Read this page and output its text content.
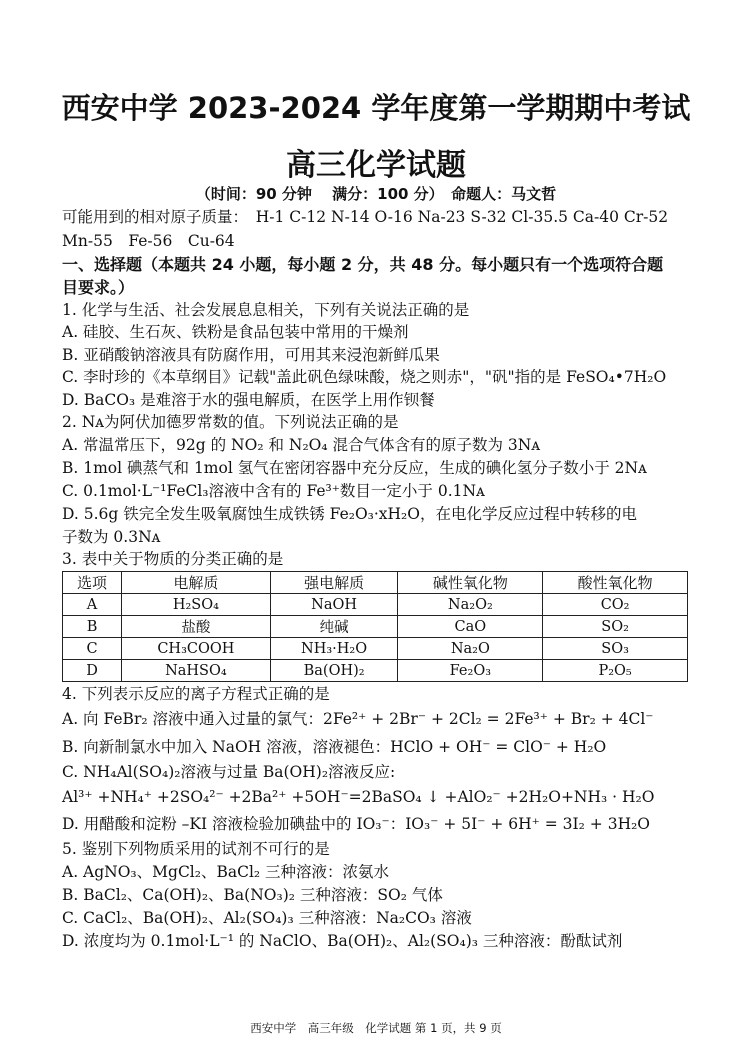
西安中学 2023-2024 学年度第一学期期中考试
高三化学试题
（时间：90 分钟　 满分：100 分）　命题人：马文哲
可能用到的相对原子质量：　H-1 C-12 N-14 O-16 Na-23 S-32 Cl-35.5 Ca-40 Cr-52
Mn-55　Fe-56　Cu-64
一、选择题（本题共 24 小题，每小题 2 分，共 48 分。每小题只有一个选项符合题
目要求。）
1. 化学与生活、社会发展息息相关，下列有关说法正确的是
A. 硅胶、生石灰、铁粉是食品包装中常用的干燥剂
B. 亚硝酸钠溶液具有防腐作用，可用其来浸泡新鲜瓜果
C. 李时珍的《本草纲目》记载"盖此矾色绿味酸，烧之则赤"，"矾"指的是 FeSO₄•7H₂O
D. BaCO₃ 是难溶于水的强电解质，在医学上用作钡餐
2. Nᴀ为阿伏加德罗常数的值。下列说法正确的是
A. 常温常压下，92g 的 NO₂ 和 N₂O₄ 混合气体含有的原子数为 3Nᴀ
B. 1mol 碘蒸气和 1mol 氢气在密闭容器中充分反应，生成的碘化氢分子数小于 2Nᴀ
C. 0.1mol·L⁻¹FeCl₃溶液中含有的 Fe³⁺数目一定小于 0.1Nᴀ
D. 5.6g 铁完全发生吸氧腐蚀生成铁锈 Fe₂O₃·xH₂O，在电化学反应过程中转移的电
子数为 0.3Nᴀ
3. 表中关于物质的分类正确的是
选项	电解质	强电解质	碱性氧化物	酸性氧化物
A	H₂SO₄	NaOH	Na₂O₂	CO₂
B	盐酸	纯碱	CaO	SO₂
C	CH₃COOH	NH₃·H₂O	Na₂O	SO₃
D	NaHSO₄	Ba(OH)₂	Fe₂O₃	P₂O₅
4. 下列表示反应的离子方程式正确的是
A. 向 FeBr₂ 溶液中通入过量的氯气：2Fe²⁺ + 2Br⁻ + 2Cl₂ = 2Fe³⁺ + Br₂ + 4Cl⁻
B. 向新制氯水中加入 NaOH 溶液，溶液褪色：HClO + OH⁻ = ClO⁻ + H₂O
C. NH₄Al(SO₄)₂溶液与过量 Ba(OH)₂溶液反应:
Al³⁺ +NH₄⁺ +2SO₄²⁻ +2Ba²⁺ +5OH⁻=2BaSO₄ ↓ +AlO₂⁻ +2H₂O+NH₃ · H₂O
D. 用醋酸和淀粉 –KI 溶液检验加碘盐中的 IO₃⁻：IO₃⁻ + 5I⁻ + 6H⁺ = 3I₂ + 3H₂O
5. 鉴别下列物质采用的试剂不可行的是
A. AgNO₃、MgCl₂、BaCl₂ 三种溶液：浓氨水
B. BaCl₂、Ca(OH)₂、Ba(NO₃)₂ 三种溶液：SO₂ 气体
C. CaCl₂、Ba(OH)₂、Al₂(SO₄)₃ 三种溶液：Na₂CO₃ 溶液
D. 浓度均为 0.1mol·L⁻¹ 的 NaClO、Ba(OH)₂、Al₂(SO₄)₃ 三种溶液：酚酞试剂
西安中学　高三年级　化学试题 第 1 页，共 9 页
